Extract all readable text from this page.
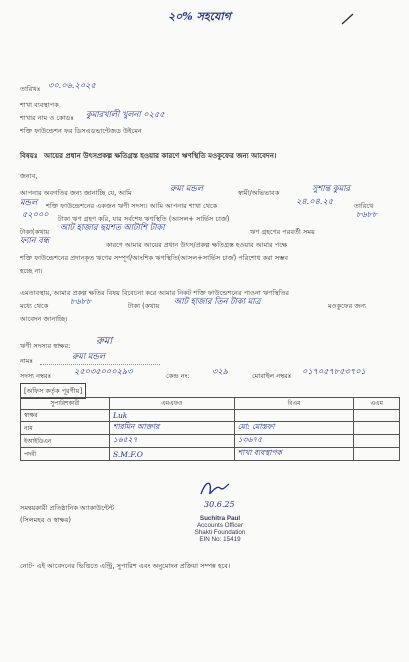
২০% সহযোগ
তারিখঃ ৩০.০৬.২০২৫
শাখা ব্যবস্থাপক
শাখার নাম ও কোডঃ কুমারখালী খুলনা ০২৫৫
শক্তি ফাউন্ডেশন ফর ডিসএডভান্টেজড উইমেন
বিষয়ঃ আয়ের প্রধান উৎসপ্রকল্প ক্ষতিগ্রস্ত হওয়ার কারণে ঋণস্থিতি মওকুফের জন্য আবেদন।
জনাব,
আপনার অবগতির জন্য জানাচ্ছি যে, আমি	রুমা মন্ডল	স্বামী/অভিভাবক	সুশান্ত কুমার
মন্ডল শক্তি ফাউন্ডেশনের একজন ঋণী সদস্য। আমি আপনার শাখা থেকে	২৪.০৪.২৫	তারিখে
৫২০০০ টাকা ঋণ গ্রহণ করি, যার সর্বশেষ ঋণস্থিতি (আসল+ সার্ভিস চার্জ)	৮৬৮৮
টাকা(কথায় আট হাজার ছয়শত আটাশি টাকা	ঋণ গ্রহণের পরবর্তী সময়
ফ্যান বন্ধ	কারণে আমার আয়ের প্রধান উৎস/প্রকল্প ক্ষতিগ্রস্ত হওয়ার আমার পক্ষে
শক্তি ফাউন্ডেশনের প্রদানকৃত ঋণের সম্পূর্ণ/আংশিক ঋণস্থিতি(আসল+সার্ভিস চার্জ) পরিশোধ করা সম্ভব
হচ্ছে না।
এমতাবস্থায়, আমার প্রকল্প ক্ষতির বিষয় বিবেচনা করে আমার নিকট শক্তি ফাউন্ডেশনের পাওনা ঋণস্থিতির
মধ্যে থেকে	৮৬৮৮	টাকা (কথায় আট হাজার তিন টাকা মাত্র	মওকুফের জন্য
আবেদন জানাচ্ছি।
ঋণী সদস্যর স্বাক্ষর:	রুমা
নামঃ	রুমা মন্ডল
সদস্য নম্বরঃ	২৫০৩৫০০০২৯৩	কেন্দ্র নং:	৩২৯	মোবাইল নম্বরঃ ০১৭০৫৭৮৫৩৭০১
[অফিস কর্তৃক পূরণীয়]
সুপারিশকারী	এমএফও	বিএম	এএম
স্বাক্ষর	Luk		
নাম	শারমিন আক্তার	মো: মোস্তফা	
ইআইডিএন	১৬৫২৭	১৩৬৭৫	
পদবী	S.M.F.O	শাখা ব্যবস্থাপক	
সমন্বয়কারী প্রতিষ্ঠানিক অ্যাকাউন্টেন্ট
(সিলমহর ও স্বাক্ষর)
30.6.25
Suchitra Paul
Accounts Officer
Shakti Foundation
EIN No: 15419
নোট- এই আবেদনের ভিত্তিতে এন্ট্রি, সুপারিশ এবং অনুমোদন প্রক্রিয়া সম্পন্ন হবে।
